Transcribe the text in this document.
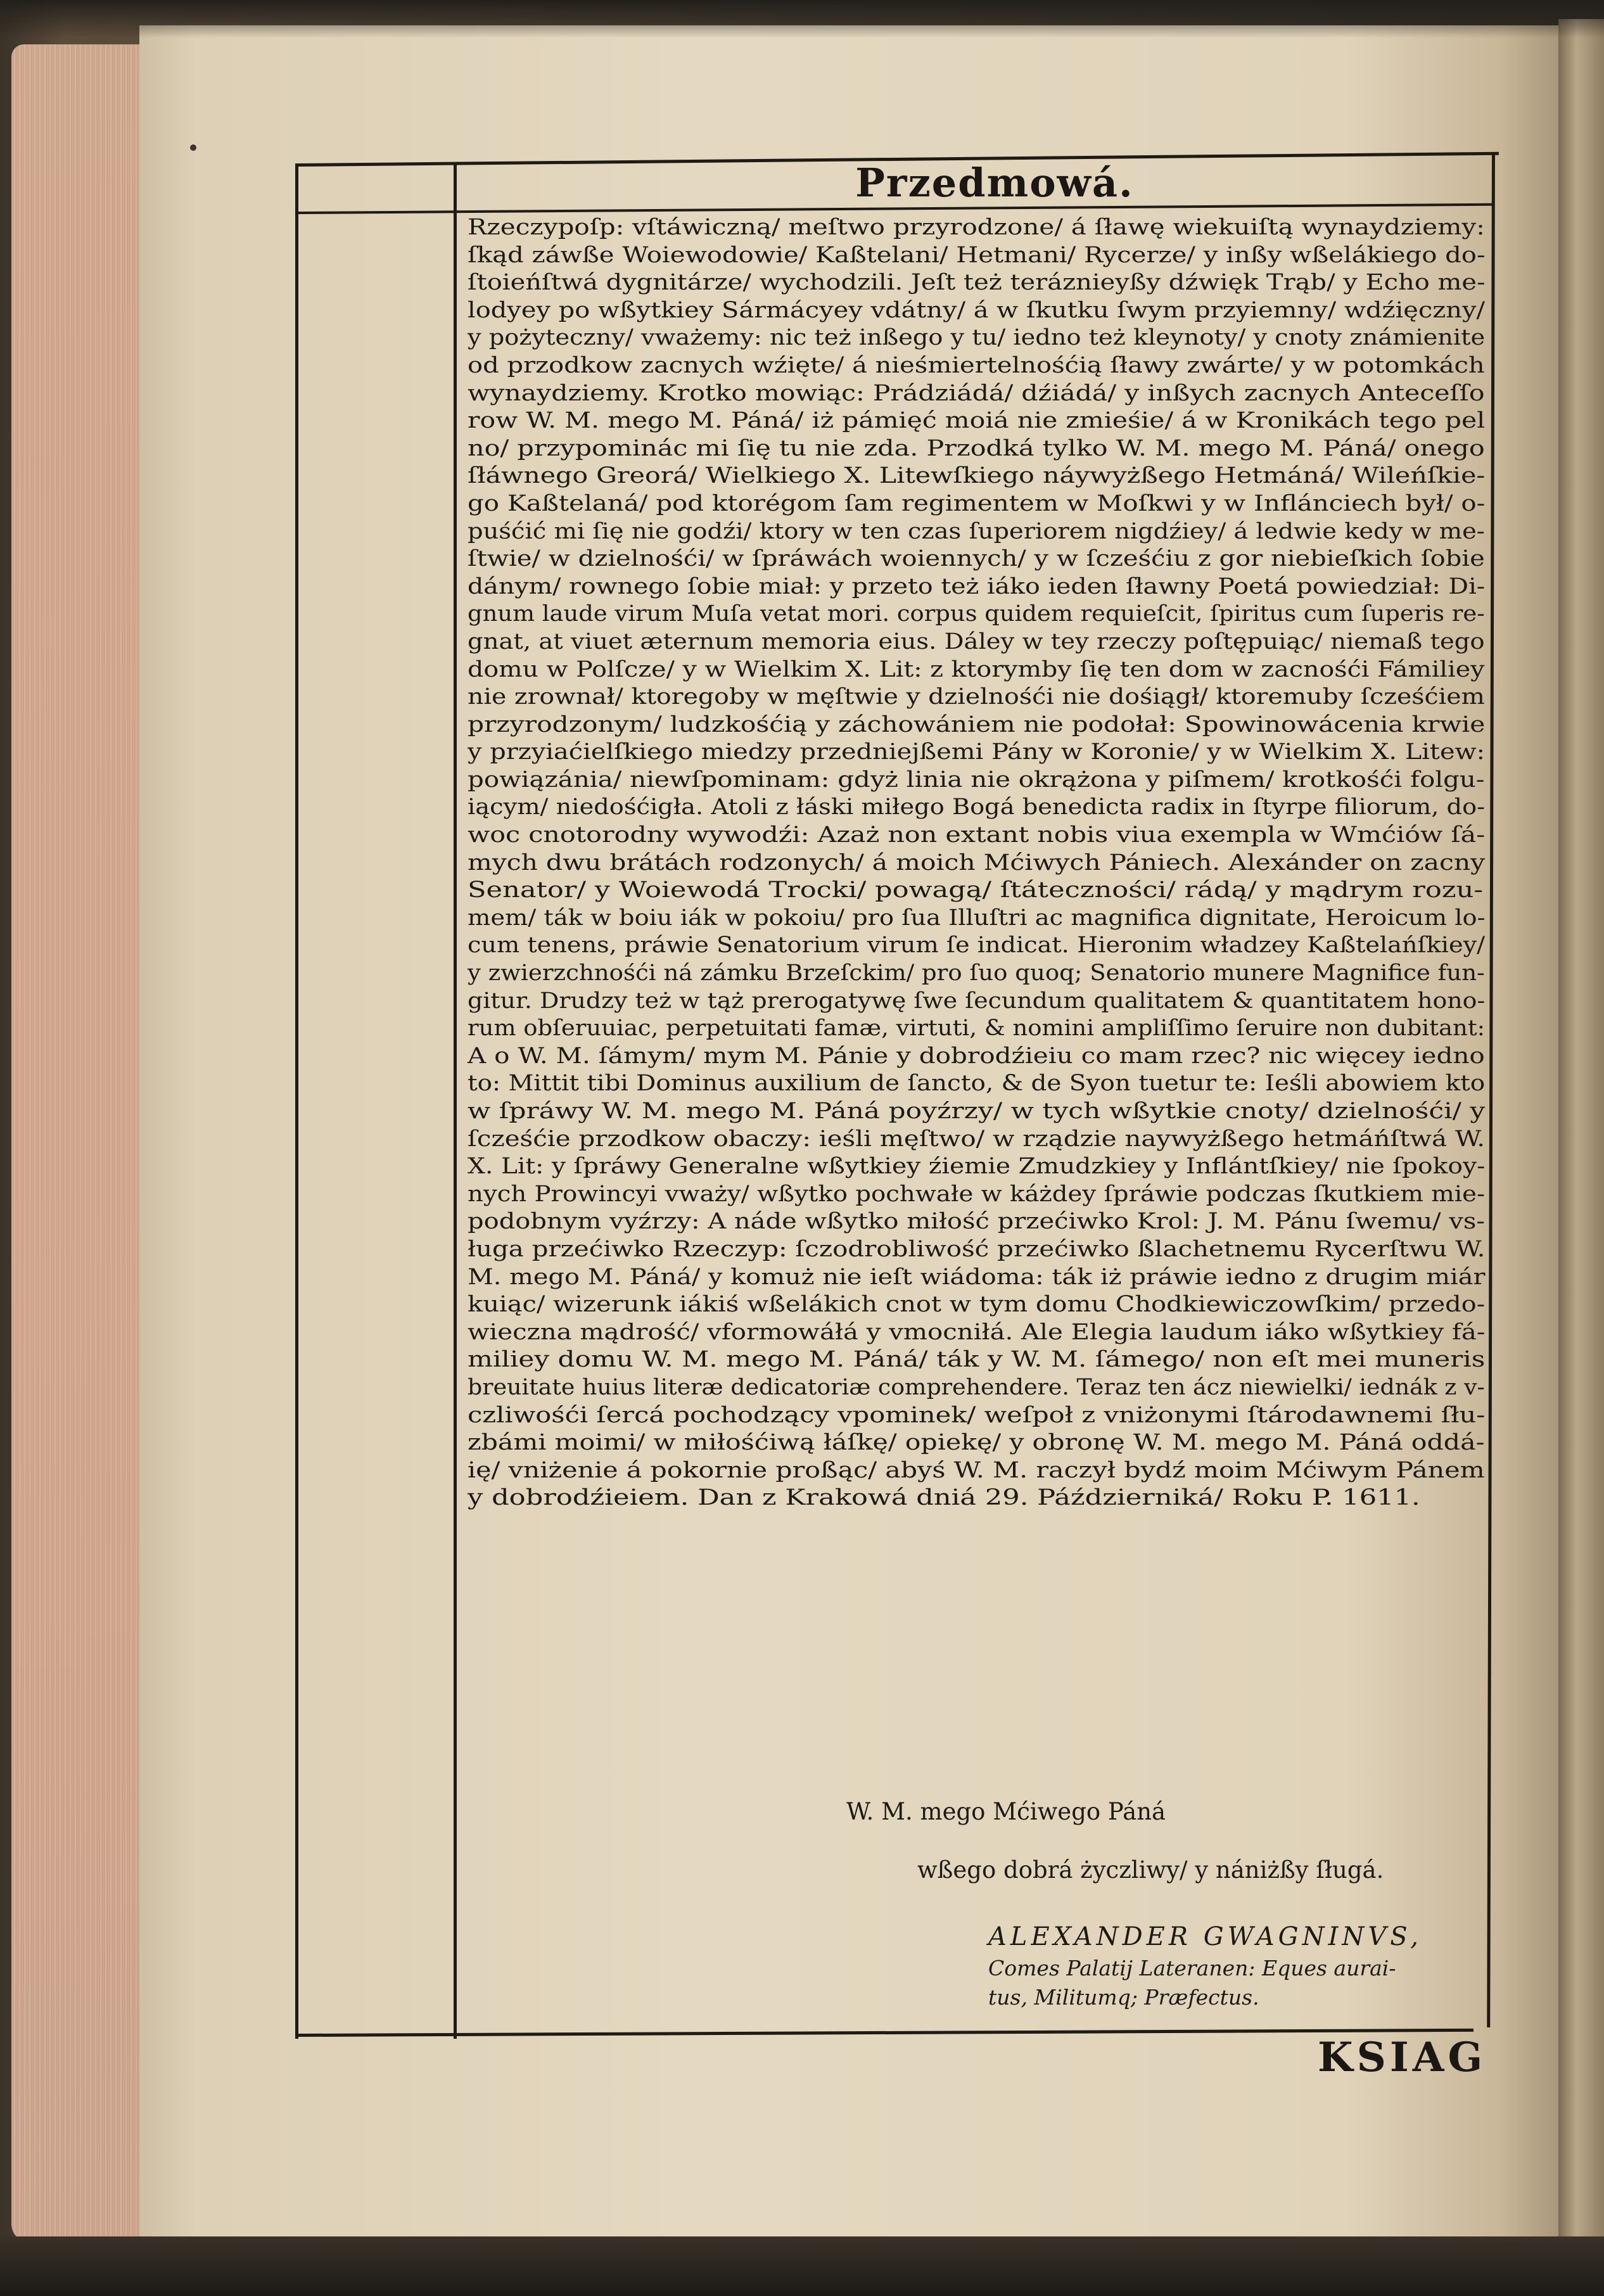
Przedmowá.
Rzeczypoſp: vſtáwiczną/ meſtwo przyrodzone/ á ſławę wiekuiſtą wynaydziemy:
ſkąd záwße Woiewodowie/ Kaßtelani/ Hetmani/ Rycerze/ y inßy wßelákiego do-
ſtoieńſtwá dygnitárze/ wychodzili. Jeſt też teráznieyßy dźwięk Trąb/ y Echo me-
lodyey po wßytkiey Sármácyey vdátny/ á w ſkutku ſwym przyiemny/ wdźięczny/
y pożyteczny/ vważemy: nic też inßego y tu/ iedno też kleynoty/ y cnoty známienite
od przodkow zacnych wźięte/ á nieśmiertelnośćią ſławy zwárte/ y w potomkách
wynaydziemy. Krotko mowiąc: Prádziádá/ dźiádá/ y inßych zacnych Anteceſſo
row W. M. mego M. Páná/ iż pámięć moiá nie zmieśie/ á w Kronikách tego pel
no/ przypominác mi ſię tu nie zda. Przodká tylko W. M. mego M. Páná/ onego
ſłáwnego Greorá/ Wielkiego X. Litewſkiego náywyżßego Hetmáná/ Wileńſkie-
go Kaßtelaná/ pod ktorégom ſam regimentem w Moſkwi y w Inflánciech był/ o-
puśćić mi ſię nie godźi/ ktory w ten czas ſuperiorem nigdźiey/ á ledwie kedy w me-
ſtwie/ w dzielnośći/ w ſpráwách woiennych/ y w ſcześćiu z gor niebieſkich ſobie
dánym/ rownego ſobie miał: y przeto też iáko ieden ſławny Poetá powiedział: Di-
gnum laude virum Muſa vetat mori. corpus quidem requieſcit, ſpiritus cum ſuperis re-
gnat, at viuet æternum memoria eius. Dáley w tey rzeczy poſtępuiąc/ niemaß tego
domu w Polſcze/ y w Wielkim X. Lit: z ktorymby ſię ten dom w zacnośći Fámiliey
nie zrownał/ ktoregoby w męſtwie y dzielnośći nie dośiągł/ ktoremuby ſcześćiem
przyrodzonym/ ludzkośćią y záchowániem nie podołał: Spowinowácenia krwie
y przyiaćielſkiego miedzy przedniejßemi Pány w Koronie/ y w Wielkim X. Litew:
powiązánia/ niewſpominam: gdyż linia nie okrążona y piſmem/ krotkośći folgu-
iącym/ niedośćigła. Atoli z łáski miłego Bogá benedicta radix in ſtyrpe filiorum, do-
woc cnotorodny wywodźi: Azaż non extant nobis viua exempla w Wmćiów ſá-
mych dwu brátách rodzonych/ á moich Mćiwych Pániech. Alexánder on zacny
Senator/ y Woiewodá Trocki/ powagą/ ſtáteczności/ rádą/ y mądrym rozu-
mem/ ták w boiu iák w pokoiu/ pro ſua Illuſtri ac magnifica dignitate, Heroicum lo-
cum tenens, práwie Senatorium virum ſe indicat. Hieronim władzey Kaßtelańſkiey/
y zwierzchnośći ná zámku Brzeſckim/ pro ſuo quoq; Senatorio munere Magnifice fun-
gitur. Drudzy też w tąż prerogatywę ſwe ſecundum qualitatem & quantitatem hono-
rum obſeruuiac, perpetuitati famæ, virtuti, & nomini ampliſſimo ſeruire non dubitant:
A o W. M. ſámym/ mym M. Pánie y dobrodźieiu co mam rzec? nic więcey iedno
to: Mittit tibi Dominus auxilium de ſancto, & de Syon tuetur te: Ieśli abowiem kto
w ſpráwy W. M. mego M. Páná poyźrzy/ w tych wßytkie cnoty/ dzielnośći/ y
ſcześćie przodkow obaczy: ieśli męſtwo/ w rządzie naywyżßego hetmáńſtwá W.
X. Lit: y ſpráwy Generalne wßytkiey źiemie Zmudzkiey y Inflántſkiey/ nie ſpokoy-
nych Prowincyi vważy/ wßytko pochwałe w káżdey ſpráwie podczas ſkutkiem mie-
podobnym vyźrzy: A náde wßytko miłość przećiwko Krol: J. M. Pánu ſwemu/ vs-
ługa przećiwko Rzeczyp: ſczodrobliwość przećiwko ßlachetnemu Rycerſtwu W.
M. mego M. Páná/ y komuż nie ieſt wiádoma: ták iż práwie iedno z drugim miár
kuiąc/ wizerunk iákiś wßelákich cnot w tym domu Chodkiewiczowſkim/ przedo-
wieczna mądrość/ vformowáłá y vmocniłá. Ale Elegia laudum iáko wßytkiey fá-
miliey domu W. M. mego M. Páná/ ták y W. M. ſámego/ non eſt mei muneris
breuitate huius literæ dedicatoriæ comprehendere. Teraz ten ácz niewielki/ iednák z v-
czliwośći ſercá pochodzący vpominek/ weſpoł z vniżonymi ſtárodawnemi ſłu-
zbámi moimi/ w miłośćiwą łáſkę/ opiekę/ y obronę W. M. mego M. Páná oddá-
ię/ vniżenie á pokornie proßąc/ abyś W. M. raczył bydź moim Mćiwym Pánem
y dobrodźieiem. Dan z Krakowá dniá 29. Páździerniká/ Roku P. 1611.
W. M. mego Mćiwego Páná
wßego dobrá życzliwy/ y nániżßy ſługá.
ALEXANDER GWAGNINVS,
Comes Palatij Lateranen: Eques aurai-
tus, Militumq; Præfectus.
KSIAG
